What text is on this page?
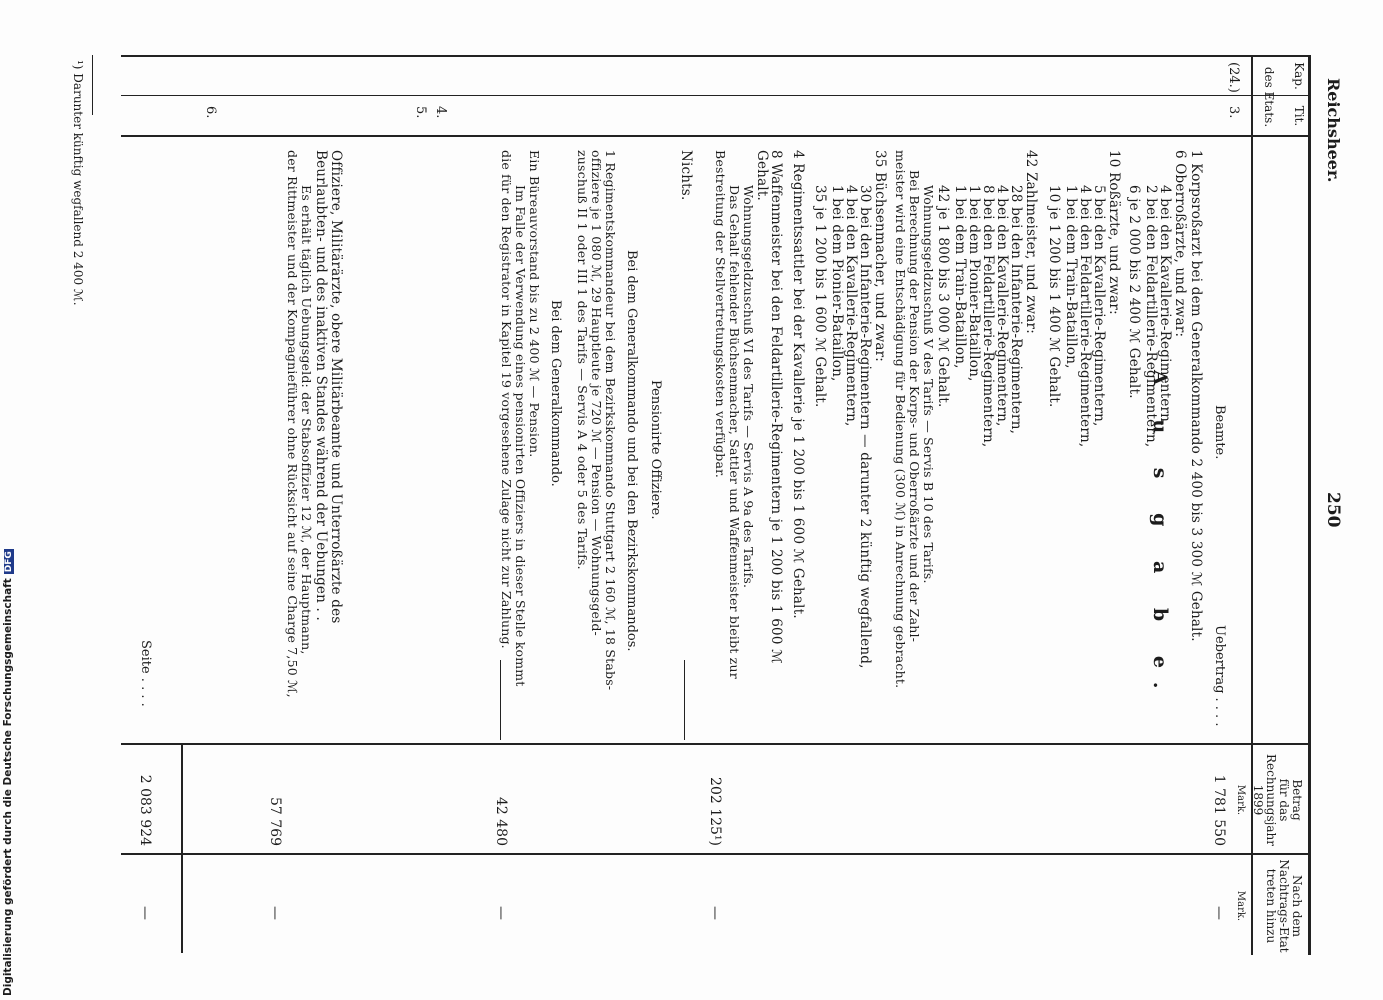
Reichsheer.
250
A u s g a b e.
Kap.
Tit.
des Etats.
Betrag
für das
Rechnungsjahr
1899
Nach dem
Nachtrags-Etat
treten hinzu
Mark.
Mark.
(24.)
3.
4.
5.
6.
Beamte.
Uebertrag . . . .
1 Korpsroßarzt bei dem Generalkommando 2 400 bis 3 300 ℳ Gehalt.
6 Oberroßärzte, und zwar:
4 bei den Kavallerie-Regimentern,
2 bei den Feldartillerie-Regimentern,
6 je 2 000 bis 2 400 ℳ Gehalt.
10 Roßärzte, und zwar:
5 bei den Kavallerie-Regimentern,
4 bei den Feldartillerie-Regimentern,
1 bei dem Train-Bataillon,
10 je 1 200 bis 1 400 ℳ Gehalt.
42 Zahlmeister, und zwar:
28 bei den Infanterie-Regimentern,
4 bei den Kavallerie-Regimentern,
8 bei den Feldartillerie-Regimentern,
1 bei dem Pionier-Bataillon,
1 bei dem Train-Bataillon,
42 je 1 800 bis 3 000 ℳ Gehalt.
Wohnungsgeldzuschuß V des Tarifs — Servis B 10 des Tarifs.
Bei Berechnung der Pension der Korps- und Oberroßärzte und der Zahl-
meister wird eine Entschädigung für Bedienung (300 ℳ) in Anrechnung gebracht.
35 Büchsenmacher, und zwar:
30 bei den Infanterie-Regimentern — darunter 2 künftig wegfallend,
4 bei den Kavallerie-Regimentern,
1 bei dem Pionier-Bataillon,
35 je 1 200 bis 1 600 ℳ Gehalt.
4 Regimentssattler bei der Kavallerie je 1 200 bis 1 600 ℳ Gehalt.
8 Waffenmeister bei den Feldartillerie-Regimentern je 1 200 bis 1 600 ℳ
Gehalt.
Wohnungsgeldzuschuß VI des Tarifs — Servis A 9a des Tarifs.
Das Gehalt fehlender Büchsenmacher, Sattler und Waffenmeister bleibt zur
Bestreitung der Stellvertretungskosten verfügbar.
Nichts.
Pensionirte Offiziere.
Bei dem Generalkommando und bei den Bezirkskommandos.
1 Regimentskommandeur bei dem Bezirkskommando Stuttgart 2 160 ℳ, 18 Stabs-
offiziere je 1 080 ℳ, 29 Hauptleute je 720 ℳ — Pension — Wohnungsgeld-
zuschuß II 1 oder III 1 des Tarifs — Servis A 4 oder 5 des Tarifs.
Bei dem Generalkommando.
Ein Büreauvorstand bis zu 2 400 ℳ — Pension.
Im Falle der Verwendung eines pensionirten Offiziers in dieser Stelle kommt
die für den Registrator in Kapitel 19 vorgesehene Zulage nicht zur Zahlung.
Offiziere, Militärärzte, obere Militärbeamte und Unterroßärzte des
Beurlaubten- und des inaktiven Standes während der Uebungen . .
Es erhält täglich Uebungsgeld: der Stabsoffizier 12 ℳ, der Hauptmann,
der Rittmeister und der Kompagnieführer ohne Rücksicht auf seine Charge 7,50 ℳ,
Seite . . . .
1 781 550
202 125¹)
42 480
57 769
2 083 924
—
—
—
—
—
¹) Darunter künftig wegfallend 2 400 ℳ.
Digitalisierung gefördert durch die Deutsche ForschungsgemeinschaftDFG
